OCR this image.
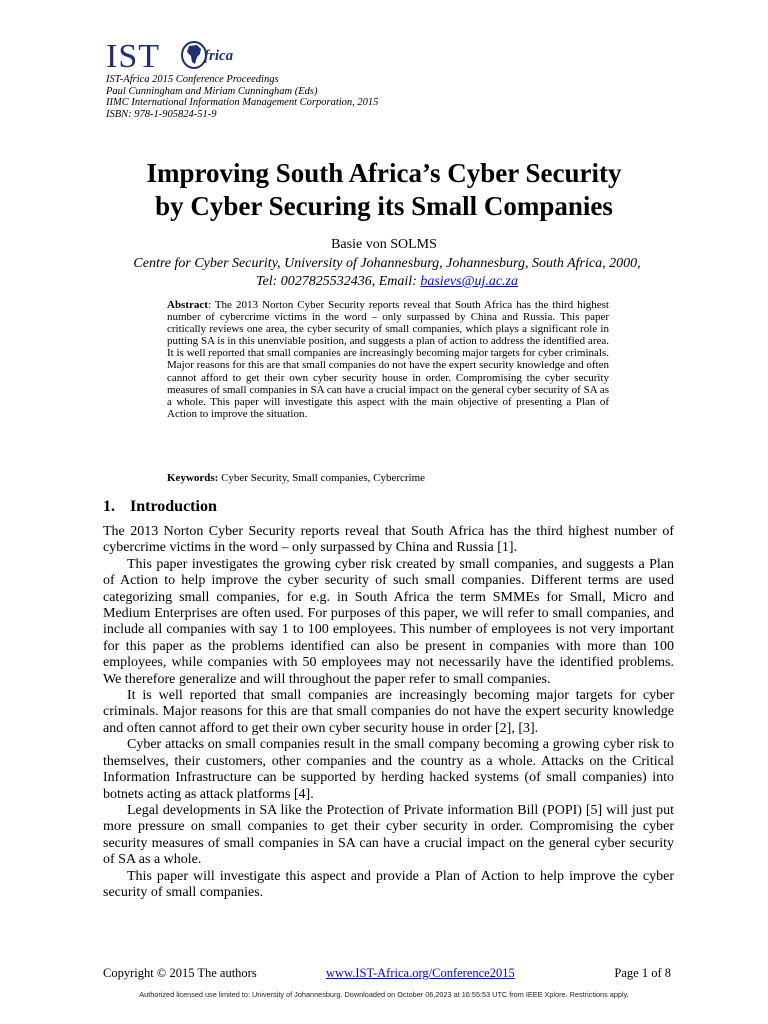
IST	frica
IST-Africa 2015 Conference Proceedings
Paul Cunningham and Miriam Cunningham (Eds)
IIMC International Information Management Corporation, 2015
ISBN: 978-1-905824-51-9
Improving South Africa’s Cyber Security
by Cyber Securing its Small Companies
Basie von SOLMS
Centre for Cyber Security, University of Johannesburg, Johannesburg, South Africa, 2000,
Tel: 0027825532436, Email: basievs@uj.ac.za
Abstract: The 2013 Norton Cyber Security reports reveal that South Africa has the third highest number of cybercrime victims in the word – only surpassed by China and Russia. This paper critically reviews one area, the cyber security of small companies, which plays a significant role in putting SA is in this unenviable position, and suggests a plan of action to address the identified area. It is well reported that small companies are increasingly becoming major targets for cyber criminals. Major reasons for this are that small companies do not have the expert security knowledge and often cannot afford to get their own cyber security house in order. Compromising the cyber security measures of small companies in SA can have a crucial impact on the general cyber security of SA as a whole. This paper will investigate this aspect with the main objective of presenting a Plan of Action to improve the situation.
Keywords: Cyber Security, Small companies, Cybercrime
1. Introduction

The 2013 Norton Cyber Security reports reveal that South Africa has the third highest number of cybercrime victims in the word – only surpassed by China and Russia [1].

This paper investigates the growing cyber risk created by small companies, and suggests a Plan of Action to help improve the cyber security of such small companies. Different terms are used categorizing small companies, for e.g. in South Africa the term SMMEs for Small, Micro and Medium Enterprises are often used. For purposes of this paper, we will refer to small companies, and include all companies with say 1 to 100 employees. This number of employees is not very important for this paper as the problems identified can also be present in companies with more than 100 employees, while companies with 50 employees may not necessarily have the identified problems. We therefore generalize and will throughout the paper refer to small companies.

It is well reported that small companies are increasingly becoming major targets for cyber criminals. Major reasons for this are that small companies do not have the expert security knowledge and often cannot afford to get their own cyber security house in order [2], [3].

Cyber attacks on small companies result in the small company becoming a growing cyber risk to themselves, their customers, other companies and the country as a whole. Attacks on the Critical Information Infrastructure can be supported by herding hacked systems (of small companies) into botnets acting as attack platforms [4].

Legal developments in SA like the Protection of Private information Bill (POPI) [5] will just put more pressure on small companies to get their cyber security in order. Compromising the cyber security measures of small companies in SA can have a crucial impact on the general cyber security of SA as a whole.

This paper will investigate this aspect and provide a Plan of Action to help improve the cyber security of small companies.

Copyright © 2015 The authors	www.IST-Africa.org/Conference2015	Page 1 of 8
Authorized licensed use limited to: University of Johannesburg. Downloaded on October 06,2023 at 16:55:53 UTC from IEEE Xplore. Restrictions apply.
